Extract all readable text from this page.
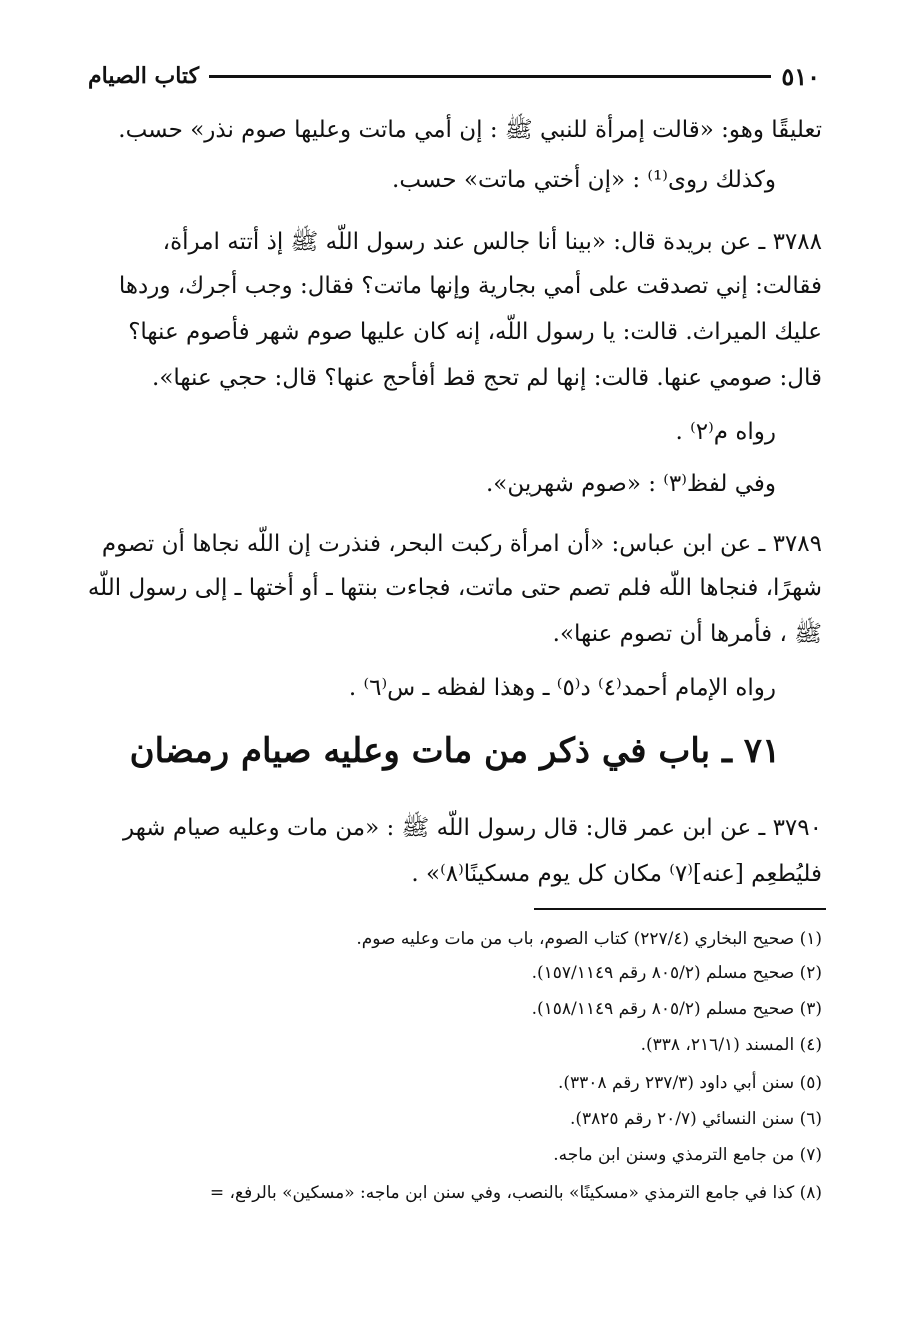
٥١٠
كتاب الصيام
تعليقًا وهو: «قالت إمرأة للنبي ﷺ : إن أمي ماتت وعليها صوم نذر» حسب.
وكذلك روى⁽¹⁾ : «إن أختي ماتت» حسب.
٣٧٨٨ ـ عن بريدة قال: «بينا أنا جالس عند رسول اللّه ﷺ إذ أتته امرأة،
فقالت: إني تصدقت على أمي بجارية وإنها ماتت؟ فقال: وجب أجرك، وردها
عليك الميراث. قالت: يا رسول اللّه، إنه كان عليها صوم شهر فأصوم عنها؟
قال: صومي عنها. قالت: إنها لم تحج قط أفأحج عنها؟ قال: حجي عنها».
رواه م⁽٢⁾ .
وفي لفظ⁽٣⁾ : «صوم شهرين».
٣٧٨٩ ـ عن ابن عباس: «أن امرأة ركبت البحر، فنذرت إن اللّه نجاها أن تصوم
شهرًا، فنجاها اللّه فلم تصم حتى ماتت، فجاءت بنتها ـ أو أختها ـ إلى رسول اللّه
ﷺ ، فأمرها أن تصوم عنها».
رواه الإمام أحمد⁽٤⁾ د⁽٥⁾ ـ وهذا لفظه ـ س⁽٦⁾ .
٧١ ـ باب في ذكر من مات وعليه صيام رمضان
٣٧٩٠ ـ عن ابن عمر قال: قال رسول اللّه ﷺ : «من مات وعليه صيام شهر
فليُطعِم [عنه]⁽٧⁾ مكان كل يوم مسكينًا⁽٨⁾» .
(١) صحيح البخاري (٢٢٧/٤) كتاب الصوم، باب من مات وعليه صوم.
(٢) صحيح مسلم (٨٠٥/٢ رقم ١٥٧/١١٤٩).
(٣) صحيح مسلم (٨٠٥/٢ رقم ١٥٨/١١٤٩).
(٤) المسند (٢١٦/١، ٣٣٨).
(٥) سنن أبي داود (٢٣٧/٣ رقم ٣٣٠٨).
(٦) سنن النسائي (٢٠/٧ رقم ٣٨٢٥).
(٧) من جامع الترمذي وسنن ابن ماجه.
(٨) كذا في جامع الترمذي «مسكينًا» بالنصب، وفي سنن ابن ماجه: «مسكين» بالرفع، =
